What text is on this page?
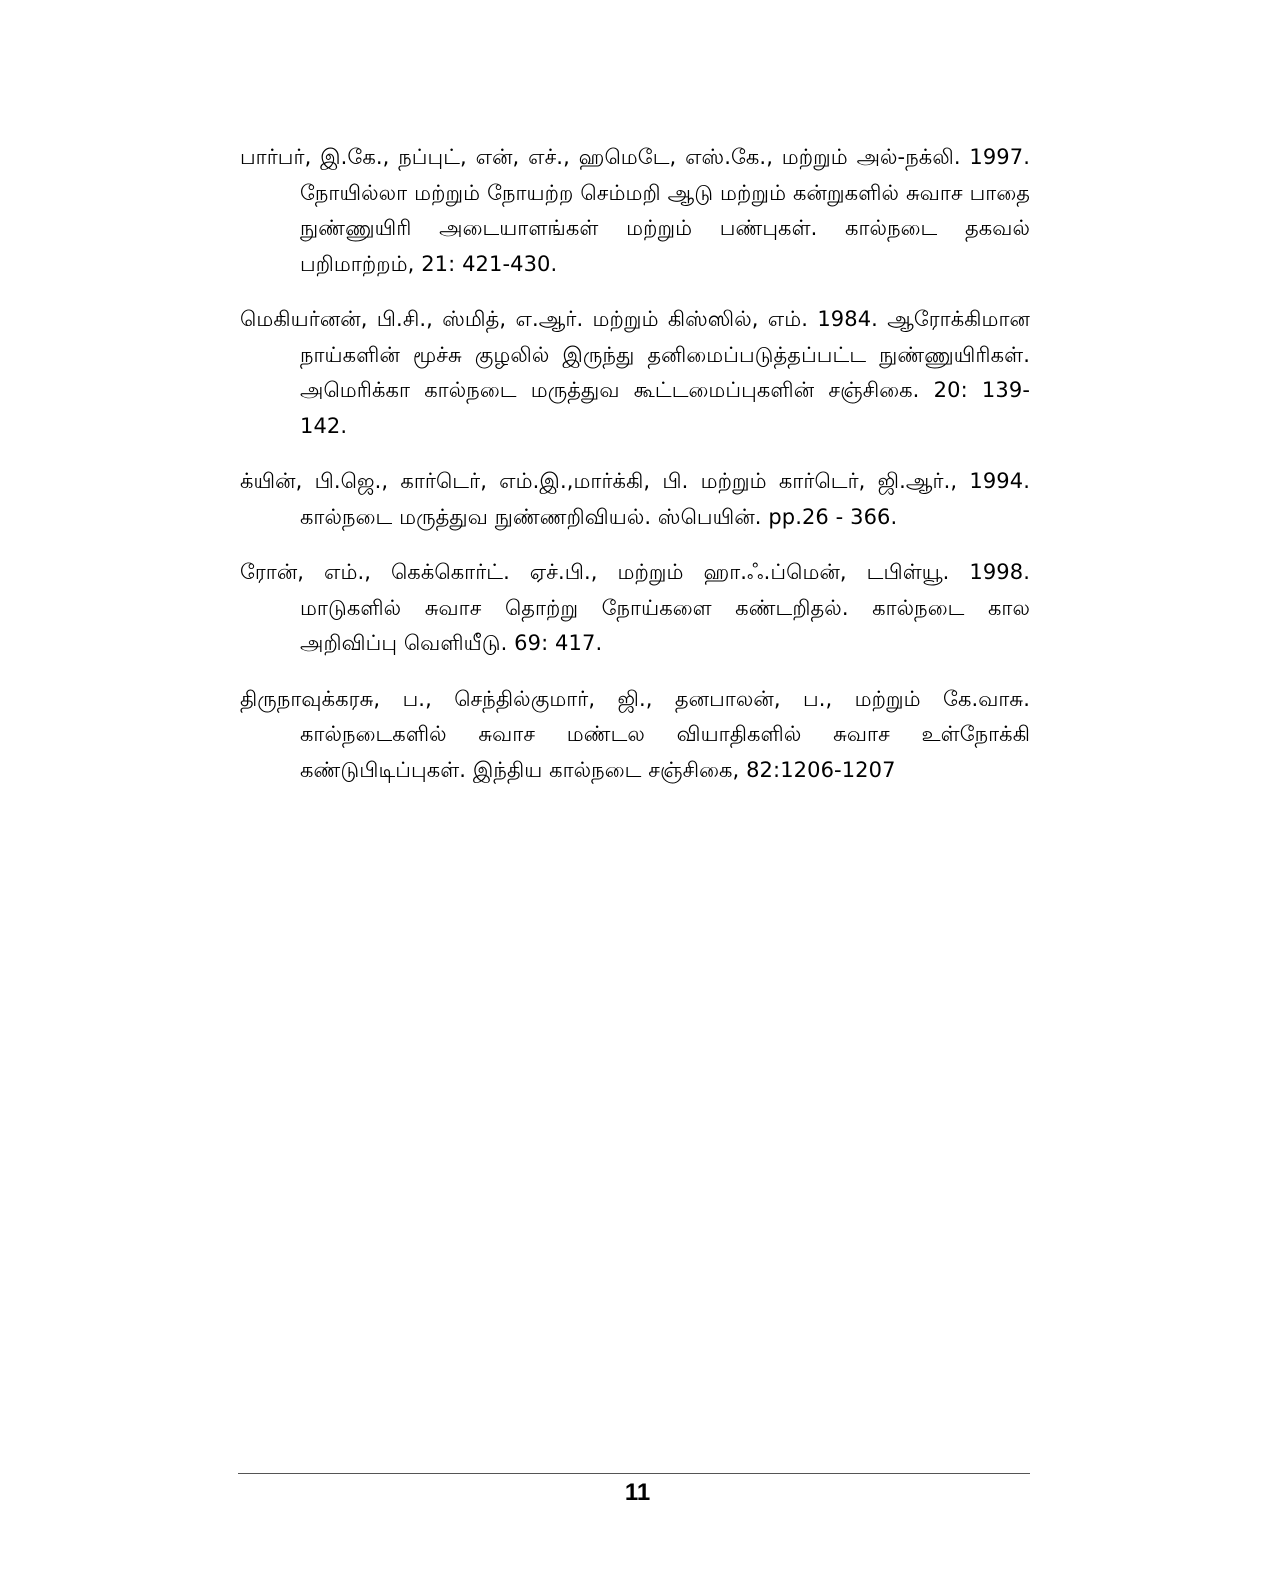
பார்பர், இ.கே., நப்புட், என், எச்., ஹமெடே, எஸ்.கே., மற்றும் அல்-நக்லி. 1997. நோயில்லா மற்றும் நோயற்ற செம்மறி ஆடு மற்றும் கன்றுகளில் சுவாச பாதை நுண்ணுயிரி அடையாளங்கள் மற்றும் பண்புகள். கால்நடை தகவல் பறிமாற்றம், 21: 421-430.

மெகியர்னன், பி.சி., ஸ்மித், எ.ஆர். மற்றும் கிஸ்ஸில், எம். 1984. ஆரோக்கிமான நாய்களின் மூச்சு குழலில் இருந்து தனிமைப்படுத்தப்பட்ட நுண்ணுயிரிகள். அமெரிக்கா கால்நடை மருத்துவ கூட்டமைப்புகளின் சஞ்சிகை. 20: 139-142.

க்யின், பி.ஜெ., கார்டெர், எம்.இ.,மார்க்கி, பி. மற்றும் கார்டெர், ஜி.ஆர்., 1994. கால்நடை மருத்துவ நுண்ணறிவியல். ஸ்பெயின். pp.26 - 366.

ரோன், எம்., கெக்கொர்ட். ஏச்.பி., மற்றும் ஹா.ஃ.ப்மென், டபிள்யூ. 1998. மாடுகளில் சுவாச தொற்று நோய்களை கண்டறிதல். கால்நடை கால அறிவிப்பு வெளியீடு. 69: 417.

திருநாவுக்கரசு, ப., செந்தில்குமார், ஜி., தனபாலன், ப., மற்றும் கே.வாசு. கால்நடைகளில் சுவாச மண்டல வியாதிகளில் சுவாச உள்நோக்கி கண்டுபிடிப்புகள். இந்திய கால்நடை சஞ்சிகை, 82:1206-1207

11
